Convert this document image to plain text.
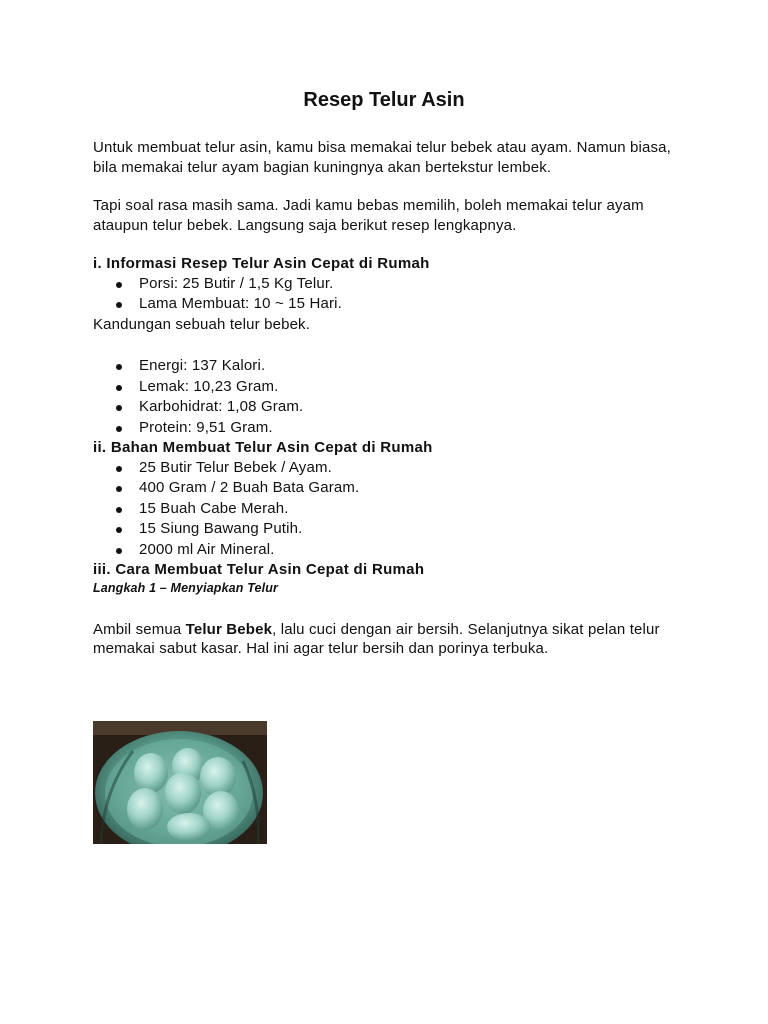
Resep Telur Asin

Untuk membuat telur asin, kamu bisa memakai telur bebek atau ayam. Namun biasa, bila memakai telur ayam bagian kuningnya akan bertekstur lembek.

Tapi soal rasa masih sama. Jadi kamu bebas memilih, boleh memakai telur ayam ataupun telur bebek. Langsung saja berikut resep lengkapnya.

i. Informasi Resep Telur Asin Cepat di Rumah

Porsi: 25 Butir / 1,5 Kg Telur.
Lama Membuat: 10 ~ 15 Hari.

Kandungan sebuah telur bebek.

Energi: 137 Kalori.
Lemak: 10,23 Gram.
Karbohidrat: 1,08 Gram.
Protein: 9,51 Gram.

ii. Bahan Membuat Telur Asin Cepat di Rumah

25 Butir Telur Bebek / Ayam.
400 Gram / 2 Buah Bata Garam.
15 Buah Cabe Merah.
15 Siung Bawang Putih.
2000 ml Air Mineral.

iii. Cara Membuat Telur Asin Cepat di Rumah

Langkah 1 – Menyiapkan Telur

Ambil semua Telur Bebek, lalu cuci dengan air bersih. Selanjutnya sikat pelan telur memakai sabut kasar. Hal ini agar telur bersih dan porinya terbuka.
